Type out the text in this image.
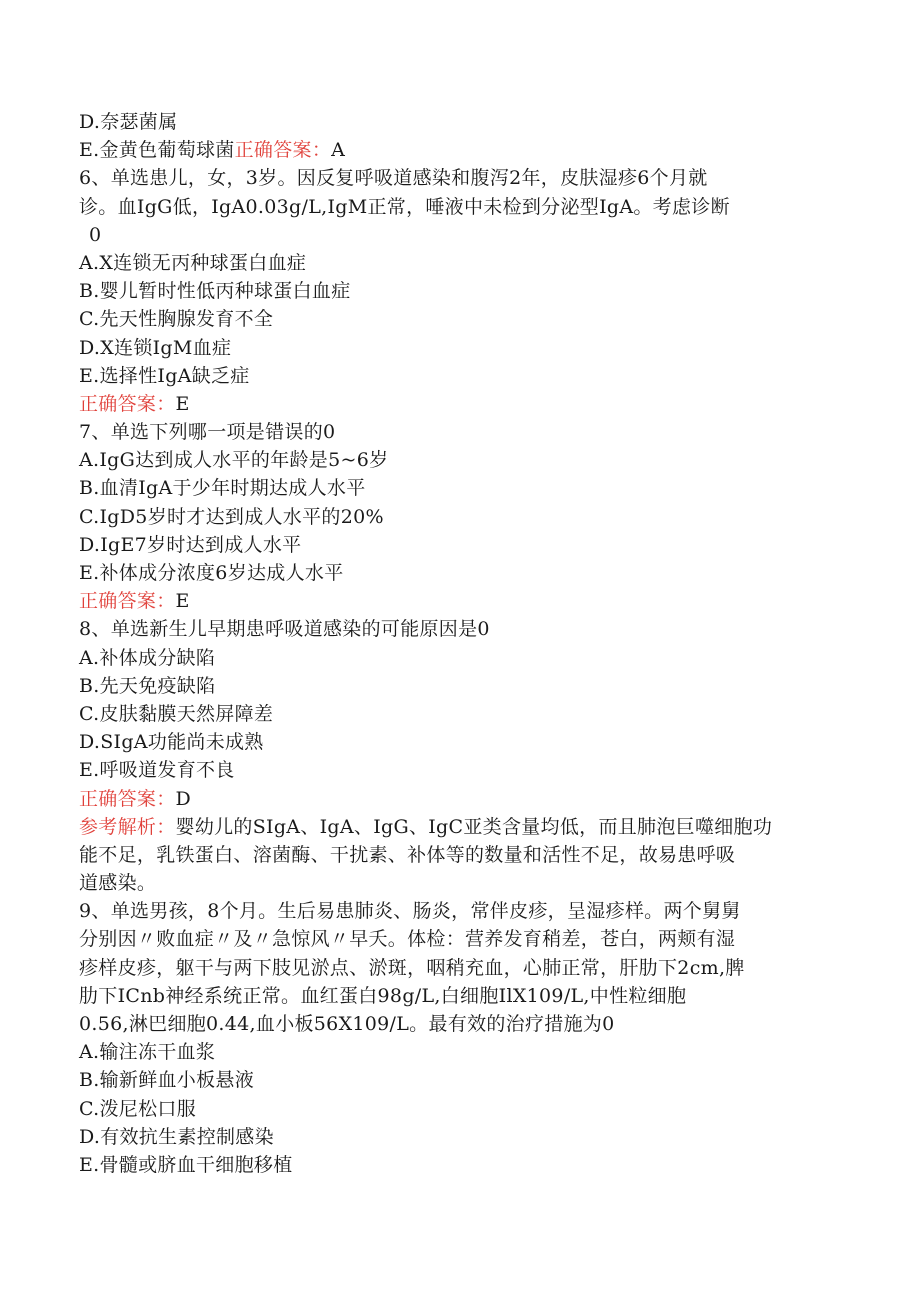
D.奈瑟菌属
E.金黄色葡萄球菌正确答案：A
6、单选患儿，女，3岁。因反复呼吸道感染和腹泻2年，皮肤湿疹6个月就
诊。血IgG低，IgA0.03g/L,IgM正常，唾液中未检到分泌型IgA。考虑诊断
0
A.X连锁无丙种球蛋白血症
B.婴儿暂时性低丙种球蛋白血症
C.先天性胸腺发育不全
D.X连锁IgM血症
E.选择性IgA缺乏症
正确答案：E
7、单选下列哪一项是错误的0
A.IgG达到成人水平的年龄是5~6岁
B.血清IgA于少年时期达成人水平
C.IgD5岁时才达到成人水平的20%
D.IgE7岁时达到成人水平
E.补体成分浓度6岁达成人水平
正确答案：E
8、单选新生儿早期患呼吸道感染的可能原因是0
A.补体成分缺陷
B.先天免疫缺陷
C.皮肤黏膜天然屏障差
D.SIgA功能尚未成熟
E.呼吸道发育不良
正确答案：D
参考解析：婴幼儿的SIgA、IgA、IgG、IgC亚类含量均低，而且肺泡巨噬细胞功
能不足，乳铁蛋白、溶菌酶、干扰素、补体等的数量和活性不足，故易患呼吸
道感染。
9、单选男孩，8个月。生后易患肺炎、肠炎，常伴皮疹，呈湿疹样。两个舅舅
分别因〃败血症〃及〃急惊风〃早夭。体检：营养发育稍差，苍白，两颊有湿
疹样皮疹，躯干与两下肢见淤点、淤斑，咽稍充血，心肺正常，肝肋下2cm,脾
肋下ICnb神经系统正常。血红蛋白98g/L,白细胞IlX109/L,中性粒细胞
0.56,淋巴细胞0.44,血小板56X109/L。最有效的治疗措施为0
A.输注冻干血浆
B.输新鲜血小板悬液
C.泼尼松口服
D.有效抗生素控制感染
E.骨髓或脐血干细胞移植
